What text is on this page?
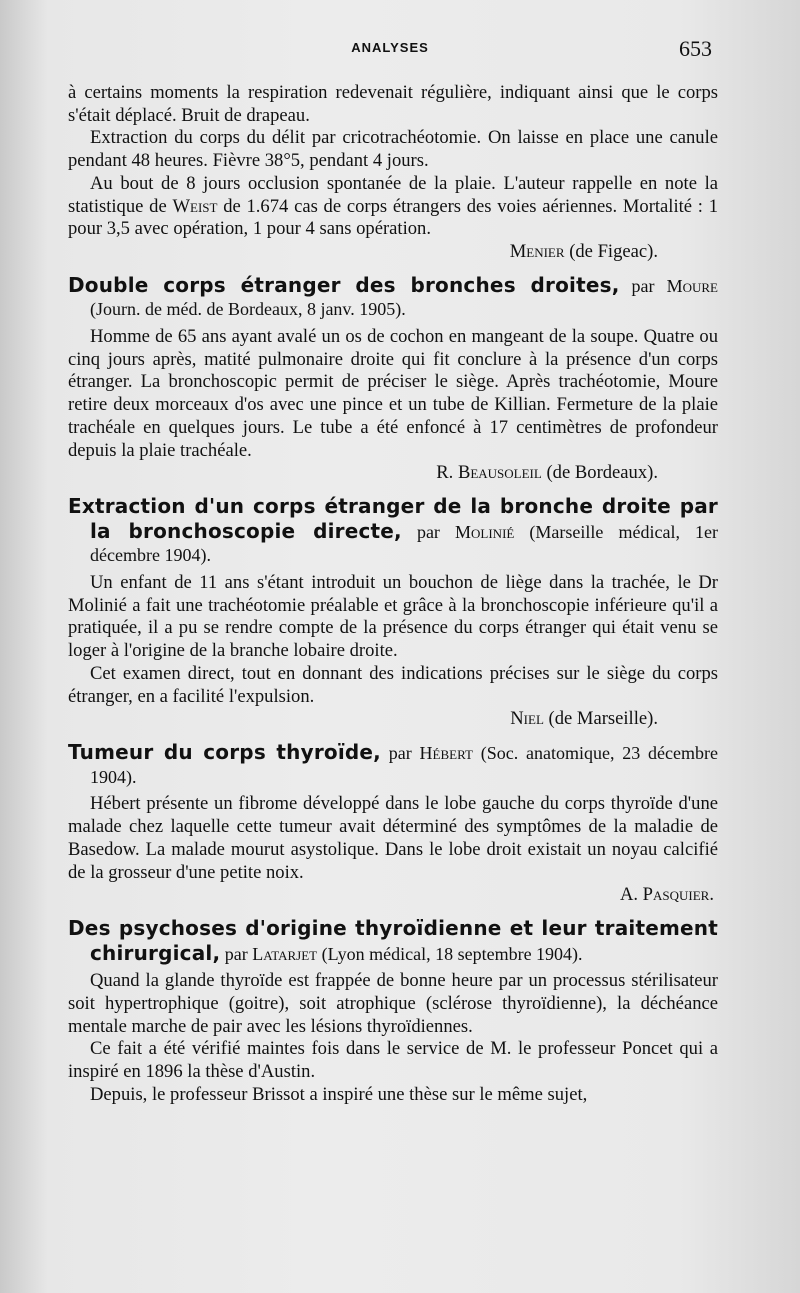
ANALYSES	653

à certains moments la respiration redevenait régulière, indiquant ainsi que le corps s'était déplacé. Bruit de drapeau.

Extraction du corps du délit par cricotrachéotomie. On laisse en place une canule pendant 48 heures. Fièvre 38°5, pendant 4 jours.

Au bout de 8 jours occlusion spontanée de la plaie. L'auteur rappelle en note la statistique de Weist de 1.674 cas de corps étrangers des voies aériennes. Mortalité : 1 pour 3,5 avec opération, 1 pour 4 sans opération.

Menier (de Figeac).

Double corps étranger des bronches droites, par Moure (Journ. de méd. de Bordeaux, 8 janv. 1905).

Homme de 65 ans ayant avalé un os de cochon en mangeant de la soupe. Quatre ou cinq jours après, matité pulmonaire droite qui fit conclure à la présence d'un corps étranger. La bronchoscopic permit de préciser le siège. Après trachéotomie, Moure retire deux morceaux d'os avec une pince et un tube de Killian. Fermeture de la plaie trachéale en quelques jours. Le tube a été enfoncé à 17 centimètres de profondeur depuis la plaie trachéale.

R. Beausoleil (de Bordeaux).

Extraction d'un corps étranger de la bronche droite par la bronchoscopie directe, par Molinié (Marseille médical, 1er décembre 1904).

Un enfant de 11 ans s'étant introduit un bouchon de liège dans la trachée, le Dr Molinié a fait une trachéotomie préalable et grâce à la bronchoscopie inférieure qu'il a pratiquée, il a pu se rendre compte de la présence du corps étranger qui était venu se loger à l'origine de la branche lobaire droite.

Cet examen direct, tout en donnant des indications précises sur le siège du corps étranger, en a facilité l'expulsion.

Niel (de Marseille).

Tumeur du corps thyroïde, par Hébert (Soc. anatomique, 23 décembre 1904).

Hébert présente un fibrome développé dans le lobe gauche du corps thyroïde d'une malade chez laquelle cette tumeur avait déterminé des symptômes de la maladie de Basedow. La malade mourut asystolique. Dans le lobe droit existait un noyau calcifié de la grosseur d'une petite noix.

A. Pasquier.

Des psychoses d'origine thyroïdienne et leur traitement chirurgical, par Latarjet (Lyon médical, 18 septembre 1904).

Quand la glande thyroïde est frappée de bonne heure par un processus stérilisateur soit hypertrophique (goitre), soit atrophique (sclérose thyroïdienne), la déchéance mentale marche de pair avec les lésions thyroïdiennes.

Ce fait a été vérifié maintes fois dans le service de M. le professeur Poncet qui a inspiré en 1896 la thèse d'Austin.

Depuis, le professeur Brissot a inspiré une thèse sur le même sujet,
